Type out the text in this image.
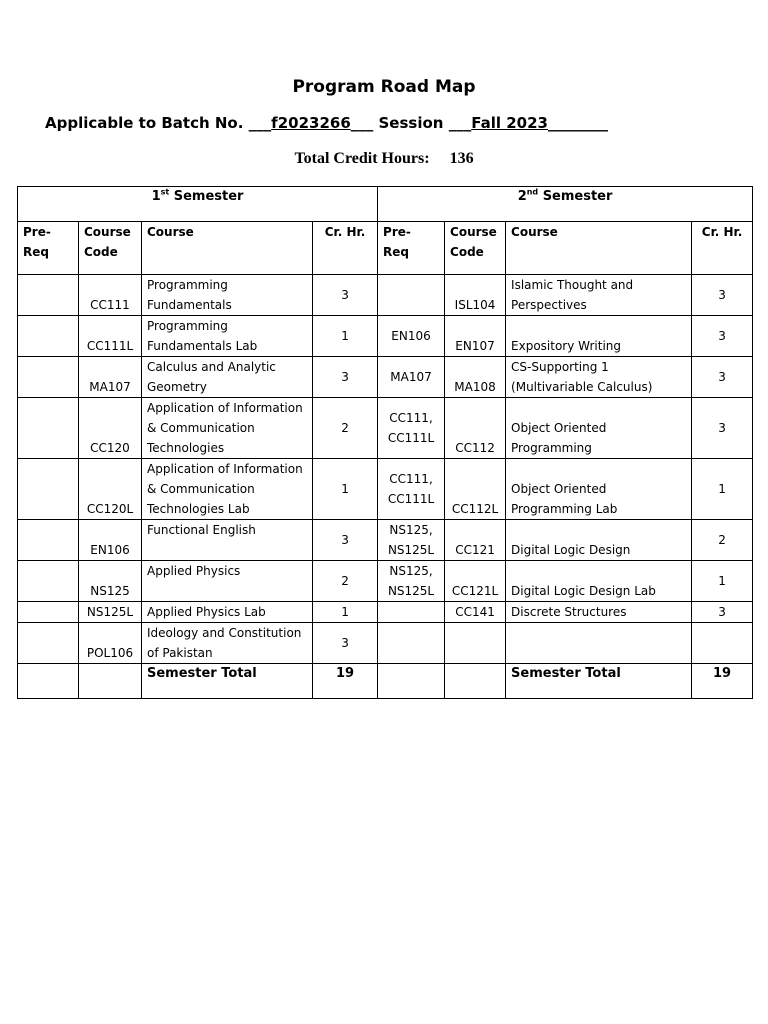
Program Road Map
Applicable to Batch No. ___f2023266___ Session ___Fall 2023________
Total Credit Hours: 136
1st Semester				2nd Semester			
Pre-Req	Course Code	Course	Cr. Hr.	Pre- Req	Course Code	Course	Cr. Hr.
	CC111	Programming Fundamentals	3		ISL104	Islamic Thought and Perspectives	3
	CC111L	Programming Fundamentals Lab	1	EN106	EN107	Expository Writing	3
	MA107	Calculus and Analytic Geometry	3	MA107	MA108	CS-Supporting 1 (Multivariable Calculus)	3
	CC120	Application of Information & Communication Technologies	2	CC111, CC111L	CC112	Object Oriented Programming	3
	CC120L	Application of Information & Communication Technologies Lab	1	CC111, CC111L	CC112L	Object Oriented Programming Lab	1
	EN106	Functional English	3	NS125, NS125L	CC121	Digital Logic Design	2
	NS125	Applied Physics	2	NS125, NS125L	CC121L	Digital Logic Design Lab	1
	NS125L	Applied Physics Lab	1		CC141	Discrete Structures	3
	POL106	Ideology and Constitution of Pakistan	3				
		Semester Total	19			Semester Total	19
